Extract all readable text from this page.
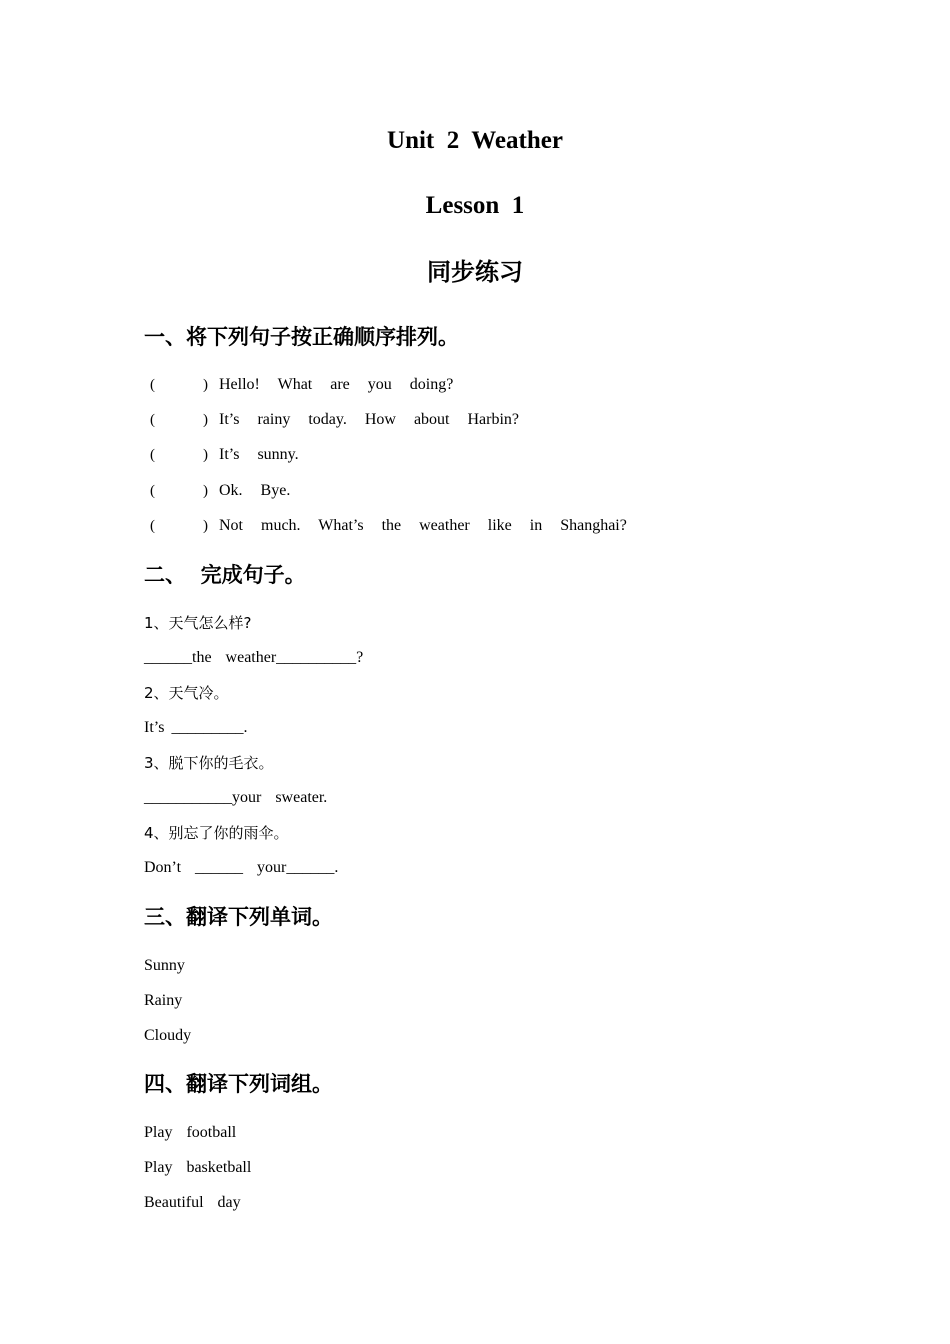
Unit  2  Weather
Lesson  1
同步练习
一、将下列句子按正确顺序排列。
(	) Hello!  What  are  you  doing?
(	) It’s  rainy  today.  How  about  Harbin?
(	) It’s  sunny.
(	) Ok.  Bye.
(	) Not  much.  What’s  the  weather  like  in  Shanghai?
二、  完成句子。
1、天气怎么样?
______the  weather__________?
2、天气冷。
It’s _________.
3、脱下你的毛衣。
___________your  sweater.
4、别忘了你的雨伞。
Don’t  ______  your______.
三、翻译下列单词。
Sunny
Rainy
Cloudy
四、翻译下列词组。
Play  football
Play  basketball
Beautiful  day
